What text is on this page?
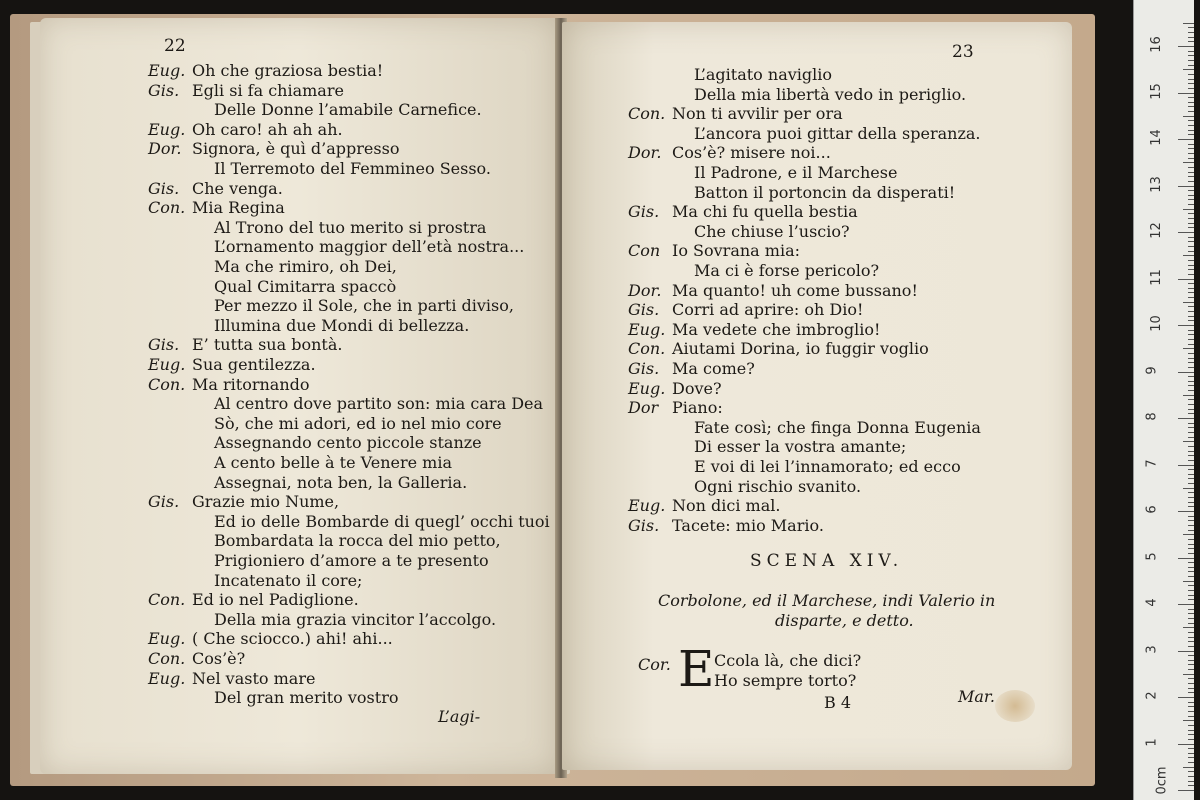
22
Eug. Oh che graziosa bestia!
Gis. Egli si fa chiamare
Delle Donne l’amabile Carnefice.
Eug. Oh caro! ah ah ah.
Dor. Signora, è quì d’appresso
Il Terremoto del Femmineo Sesso.
Gis. Che venga.
Con. Mia Regina
Al Trono del tuo merito si prostra
L’ornamento maggior dell’età nostra...
Ma che rimiro, oh Dei,
Qual Cimitarra spaccò
Per mezzo il Sole, che in parti diviso,
Illumina due Mondi di bellezza.
Gis. E’ tutta sua bontà.
Eug. Sua gentilezza.
Con. Ma ritornando
Al centro dove partito son: mia cara Dea
Sò, che mi adori, ed io nel mio core
Assegnando cento piccole stanze
A cento belle à te Venere mia
Assegnai, nota ben, la Galleria.
Gis. Grazie mio Nume,
Ed io delle Bombarde di quegl’ occhi tuoi
Bombardata la rocca del mio petto,
Prigioniero d’amore a te presento
Incatenato il core;
Con. Ed io nel Padiglione.
Della mia grazia vincitor l’accolgo.
Eug. ( Che sciocco.) ahi! ahi...
Con. Cos’è?
Eug. Nel vasto mare
Del gran merito vostro
L’agi-
23
L’agitato naviglio
Della mia libertà vedo in periglio.
Con. Non ti avvilir per ora
L’ancora puoi gittar della speranza.
Dor. Cos’è? misere noi...
Il Padrone, e il Marchese
Batton il portoncin da disperati!
Gis. Ma chi fu quella bestia
Che chiuse l’uscio?
Con Io Sovrana mia:
Ma ci è forse pericolo?
Dor. Ma quanto! uh come bussano!
Gis. Corri ad aprire: oh Dio!
Eug. Ma vedete che imbroglio!
Con. Aiutami Dorina, io fuggir voglio
Gis. Ma come?
Eug. Dove?
Dor Piano:
Fate così; che finga Donna Eugenia
Di esser la vostra amante;
E voi di lei l’innamorato; ed ecco
Ogni rischio svanito.
Eug. Non dici mal.
Gis. Tacete: mio Mario.
SCENA XIV.
Corbolone, ed il Marchese, indi Valerio in
disparte, e detto.
Cor. E Ccola là, che dici?
Ho sempre torto?
B 4	Mar.
0cm
1
2
3
4
5
6
7
8
9
10
11
12
13
14
15
16
